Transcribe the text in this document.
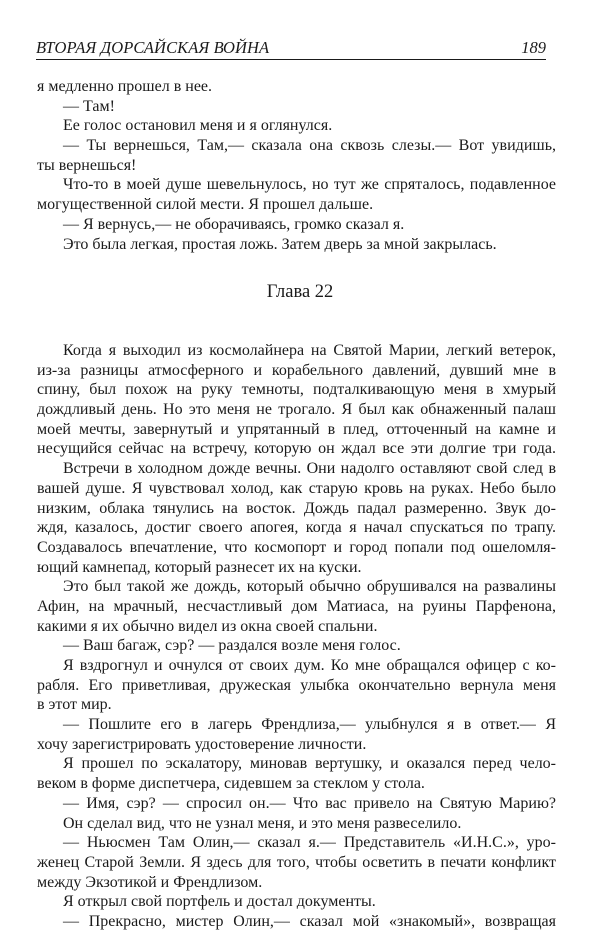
ВТОРАЯ ДОРСАЙСКАЯ ВОЙНА	189
я медленно прошел в нее.
— Там!
Ее голос остановил меня и я оглянулся.
— Ты вернешься, Там,— сказала она сквозь слезы.— Вот увидишь,
ты вернешься!
Что-то в моей душе шевельнулось, но тут же спряталось, подавленное
могущественной силой мести. Я прошел дальше.
— Я вернусь,— не оборачиваясь, громко сказал я.
Это была легкая, простая ложь. Затем дверь за мной закрылась.
Глава 22
Когда я выходил из космолайнера на Святой Марии, легкий ветерок,
из-за разницы атмосферного и корабельного давлений, дувший мне в
спину, был похож на руку темноты, подталкивающую меня в хмурый
дождливый день. Но это меня не трогало. Я был как обнаженный палаш
моей мечты, завернутый и упрятанный в плед, отточенный на камне и
несущийся сейчас на встречу, которую он ждал все эти долгие три года.
Встречи в холодном дожде вечны. Они надолго оставляют свой след в
вашей душе. Я чувствовал холод, как старую кровь на руках. Небо было
низким, облака тянулись на восток. Дождь падал размеренно. Звук до-
ждя, казалось, достиг своего апогея, когда я начал спускаться по трапу.
Создавалось впечатление, что космопорт и город попали под ошеломля-
ющий камнепад, который разнесет их на куски.
Это был такой же дождь, который обычно обрушивался на развалины
Афин, на мрачный, несчастливый дом Матиаса, на руины Парфенона,
какими я их обычно видел из окна своей спальни.
— Ваш багаж, сэр? — раздался возле меня голос.
Я вздрогнул и очнулся от своих дум. Ко мне обращался офицер с ко-
рабля. Его приветливая, дружеская улыбка окончательно вернула меня
в этот мир.
— Пошлите его в лагерь Френдлиза,— улыбнулся я в ответ.— Я
хочу зарегистрировать удостоверение личности.
Я прошел по эскалатору, миновав вертушку, и оказался перед чело-
веком в форме диспетчера, сидевшем за стеклом у стола.
— Имя, сэр? — спросил он.— Что вас привело на Святую Марию?
Он сделал вид, что не узнал меня, и это меня развеселило.
— Ньюсмен Там Олин,— сказал я.— Представитель «И.Н.С.», уро-
женец Старой Земли. Я здесь для того, чтобы осветить в печати конфликт
между Экзотикой и Френдлизом.
Я открыл свой портфель и достал документы.
— Прекрасно, мистер Олин,— сказал мой «знакомый», возвращая
